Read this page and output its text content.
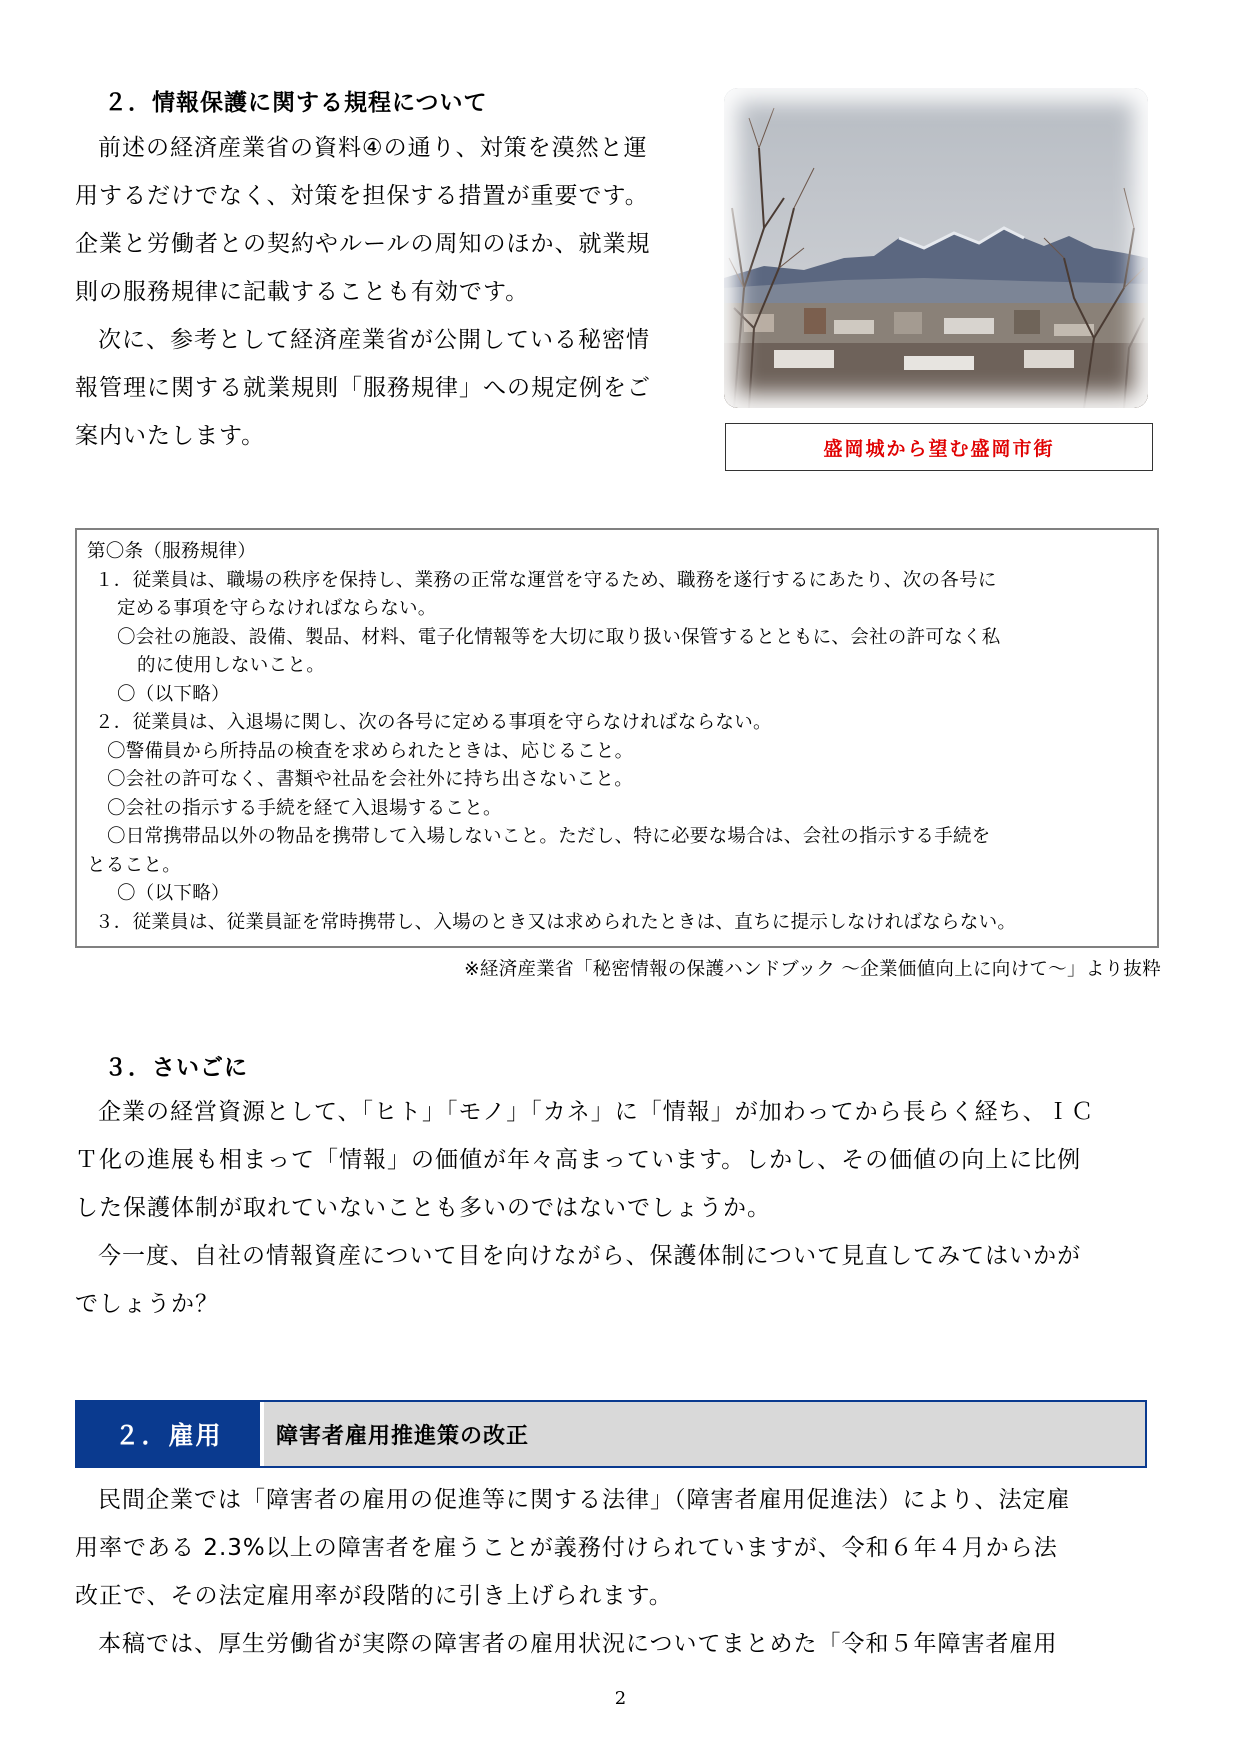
２．情報保護に関する規程について

前述の経済産業省の資料④の通り、対策を漠然と運

用するだけでなく、対策を担保する措置が重要です。

企業と労働者との契約やルールの周知のほか、就業規

則の服務規律に記載することも有効です。

次に、参考として経済産業省が公開している秘密情

報管理に関する就業規則「服務規律」への規定例をご

案内いたします。	盛岡城から望む盛岡市街
第〇条（服務規律）
１．従業員は、職場の秩序を保持し、業務の正常な運営を守るため、職務を遂行するにあたり、次の各号に
定める事項を守らなければならない。
〇会社の施設、設備、製品、材料、電子化情報等を大切に取り扱い保管するとともに、会社の許可なく私
的に使用しないこと。
〇（以下略）
２．従業員は、入退場に関し、次の各号に定める事項を守らなければならない。
〇警備員から所持品の検査を求められたときは、応じること。
〇会社の許可なく、書類や社品を会社外に持ち出さないこと。
〇会社の指示する手続を経て入退場すること。
〇日常携帯品以外の物品を携帯して入場しないこと。ただし、特に必要な場合は、会社の指示する手続を
とること。
〇（以下略）
３．従業員は、従業員証を常時携帯し、入場のとき又は求められたときは、直ちに提示しなければならない。
※経済産業省「秘密情報の保護ハンドブック ～企業価値向上に向けて～」より抜粋
３．さいごに

企業の経営資源として、「ヒト」「モノ」「カネ」に「情報」が加わってから長らく経ち、ＩＣ

Ｔ化の進展も相まって「情報」の価値が年々高まっています。しかし、その価値の向上に比例

した保護体制が取れていないことも多いのではないでしょうか。

今一度、自社の情報資産について目を向けながら、保護体制について見直してみてはいかが

でしょうか？

２．雇用	障害者雇用推進策の改正

民間企業では「障害者の雇用の促進等に関する法律」（障害者雇用促進法）により、法定雇

用率である 2.3%以上の障害者を雇うことが義務付けられていますが、令和６年４月から法

改正で、その法定雇用率が段階的に引き上げられます。

本稿では、厚生労働省が実際の障害者の雇用状況についてまとめた「令和５年障害者雇用

2
